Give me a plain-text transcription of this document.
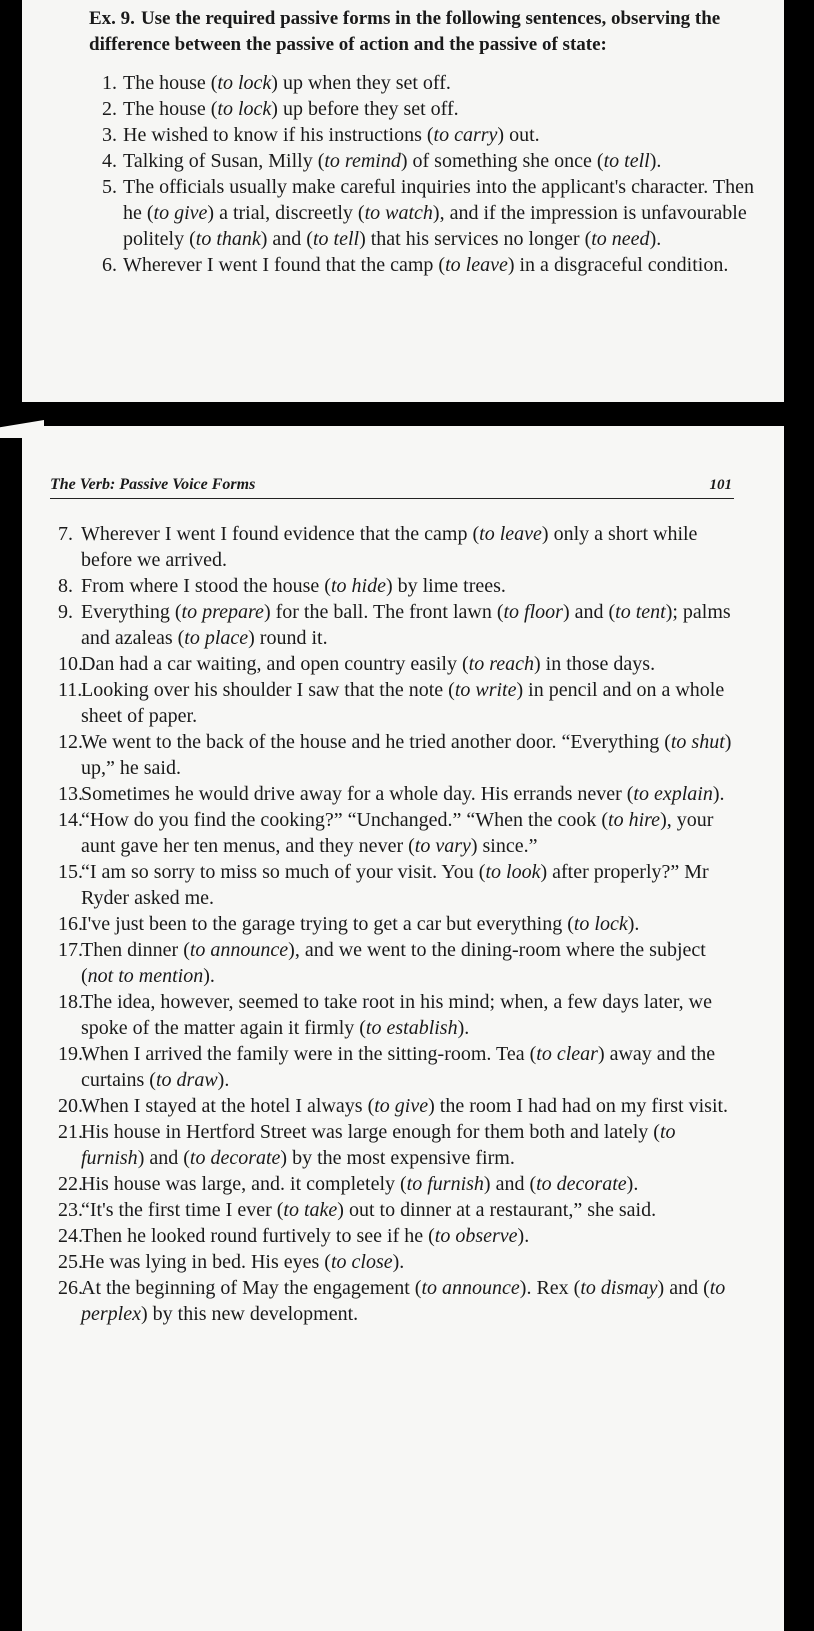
Ex. 9. Use the required passive forms in the following sentences, observing the difference between the passive of action and the passive of state:

1. The house (to lock) up when they set off.
2. The house (to lock) up before they set off.
3. He wished to know if his instructions (to carry) out.
4. Talking of Susan, Milly (to remind) of something she once (to tell).
5. The officials usually make careful inquiries into the applicant's character. Then he (to give) a trial, discreetly (to watch), and if the impression is unfavourable politely (to thank) and (to tell) that his services no longer (to need).
6. Wherever I went I found that the camp (to leave) in a disgraceful condition.
The Verb: Passive Voice Forms	101
7. Wherever I went I found evidence that the camp (to leave) only a short while before we arrived.
8. From where I stood the house (to hide) by lime trees.
9. Everything (to prepare) for the ball. The front lawn (to floor) and (to tent); palms and azaleas (to place) round it.
10.
Dan had a car waiting, and open country easily (to reach) in those days.
11.
Looking over his shoulder I saw that the note (to write) in pencil and on a whole sheet of paper.
12.
We went to the back of the house and he tried another door. “Everything (to shut) up,” he said.
13.
Sometimes he would drive away for a whole day. His errands never (to explain).
14.
“How do you find the cooking?” “Unchanged.” “When the cook (to hire), your aunt gave her ten menus, and they never (to vary) since.”
15.
“I am so sorry to miss so much of your visit. You (to look) after properly?” Mr Ryder asked me.
16.
I've just been to the garage trying to get a car but everything (to lock).
17.
Then dinner (to announce), and we went to the dining-room where the subject (not to mention).
18.
The idea, however, seemed to take root in his mind; when, a few days later, we spoke of the matter again it firmly (to establish).
19.
When I arrived the family were in the sitting-room. Tea (to clear) away and the curtains (to draw).
20.
When I stayed at the hotel I always (to give) the room I had had on my first visit.
21.
His house in Hertford Street was large enough for them both and lately (to furnish) and (to decorate) by the most expensive firm.
22.
His house was large, and. it completely (to furnish) and (to decorate).
23.
“It's the first time I ever (to take) out to dinner at a restaurant,” she said.
24.
Then he looked round furtively to see if he (to observe).
25.
He was lying in bed. His eyes (to close).
26.
At the beginning of May the engagement (to announce). Rex (to dismay) and (to perplex) by this new development.
